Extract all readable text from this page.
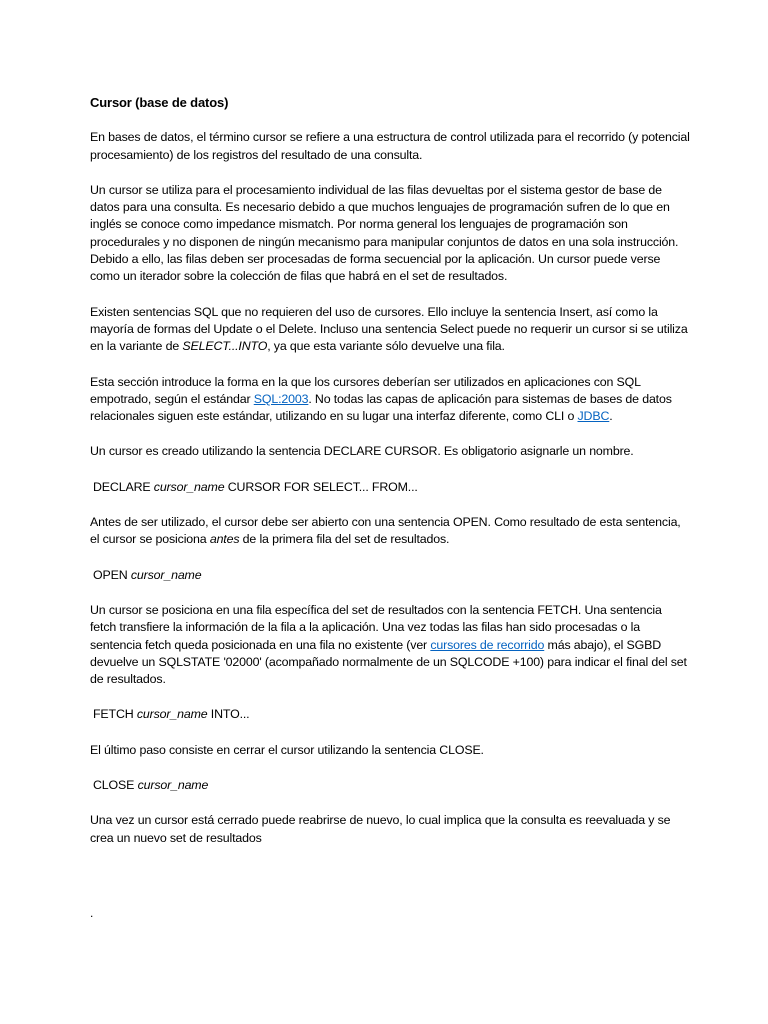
Cursor (base de datos)

En bases de datos, el término cursor se refiere a una estructura de control utilizada para el recorrido (y potencial procesamiento) de los registros del resultado de una consulta.

Un cursor se utiliza para el procesamiento individual de las filas devueltas por el sistema gestor de base de datos para una consulta. Es necesario debido a que muchos lenguajes de programación sufren de lo que en inglés se conoce como impedance mismatch. Por norma general los lenguajes de programación son procedurales y no disponen de ningún mecanismo para manipular conjuntos de datos en una sola instrucción. Debido a ello, las filas deben ser procesadas de forma secuencial por la aplicación. Un cursor puede verse como un iterador sobre la colección de filas que habrá en el set de resultados.

Existen sentencias SQL que no requieren del uso de cursores. Ello incluye la sentencia Insert, así como la mayoría de formas del Update o el Delete. Incluso una sentencia Select puede no requerir un cursor si se utiliza en la variante de SELECT...INTO, ya que esta variante sólo devuelve una fila.

Esta sección introduce la forma en la que los cursores deberían ser utilizados en aplicaciones con SQL empotrado, según el estándar SQL:2003. No todas las capas de aplicación para sistemas de bases de datos relacionales siguen este estándar, utilizando en su lugar una interfaz diferente, como CLI o JDBC.

Un cursor es creado utilizando la sentencia DECLARE CURSOR. Es obligatorio asignarle un nombre.

DECLARE cursor_name CURSOR FOR SELECT... FROM...

Antes de ser utilizado, el cursor debe ser abierto con una sentencia OPEN. Como resultado de esta sentencia, el cursor se posiciona antes de la primera fila del set de resultados.

OPEN cursor_name

Un cursor se posiciona en una fila específica del set de resultados con la sentencia FETCH. Una sentencia fetch transfiere la información de la fila a la aplicación. Una vez todas las filas han sido procesadas o la sentencia fetch queda posicionada en una fila no existente (ver cursores de recorrido más abajo), el SGBD devuelve un SQLSTATE '02000' (acompañado normalmente de un SQLCODE +100) para indicar el final del set de resultados.

FETCH cursor_name INTO...

El último paso consiste en cerrar el cursor utilizando la sentencia CLOSE.

CLOSE cursor_name

Una vez un cursor está cerrado puede reabrirse de nuevo, lo cual implica que la consulta es reevaluada y se crea un nuevo set de resultados

.
